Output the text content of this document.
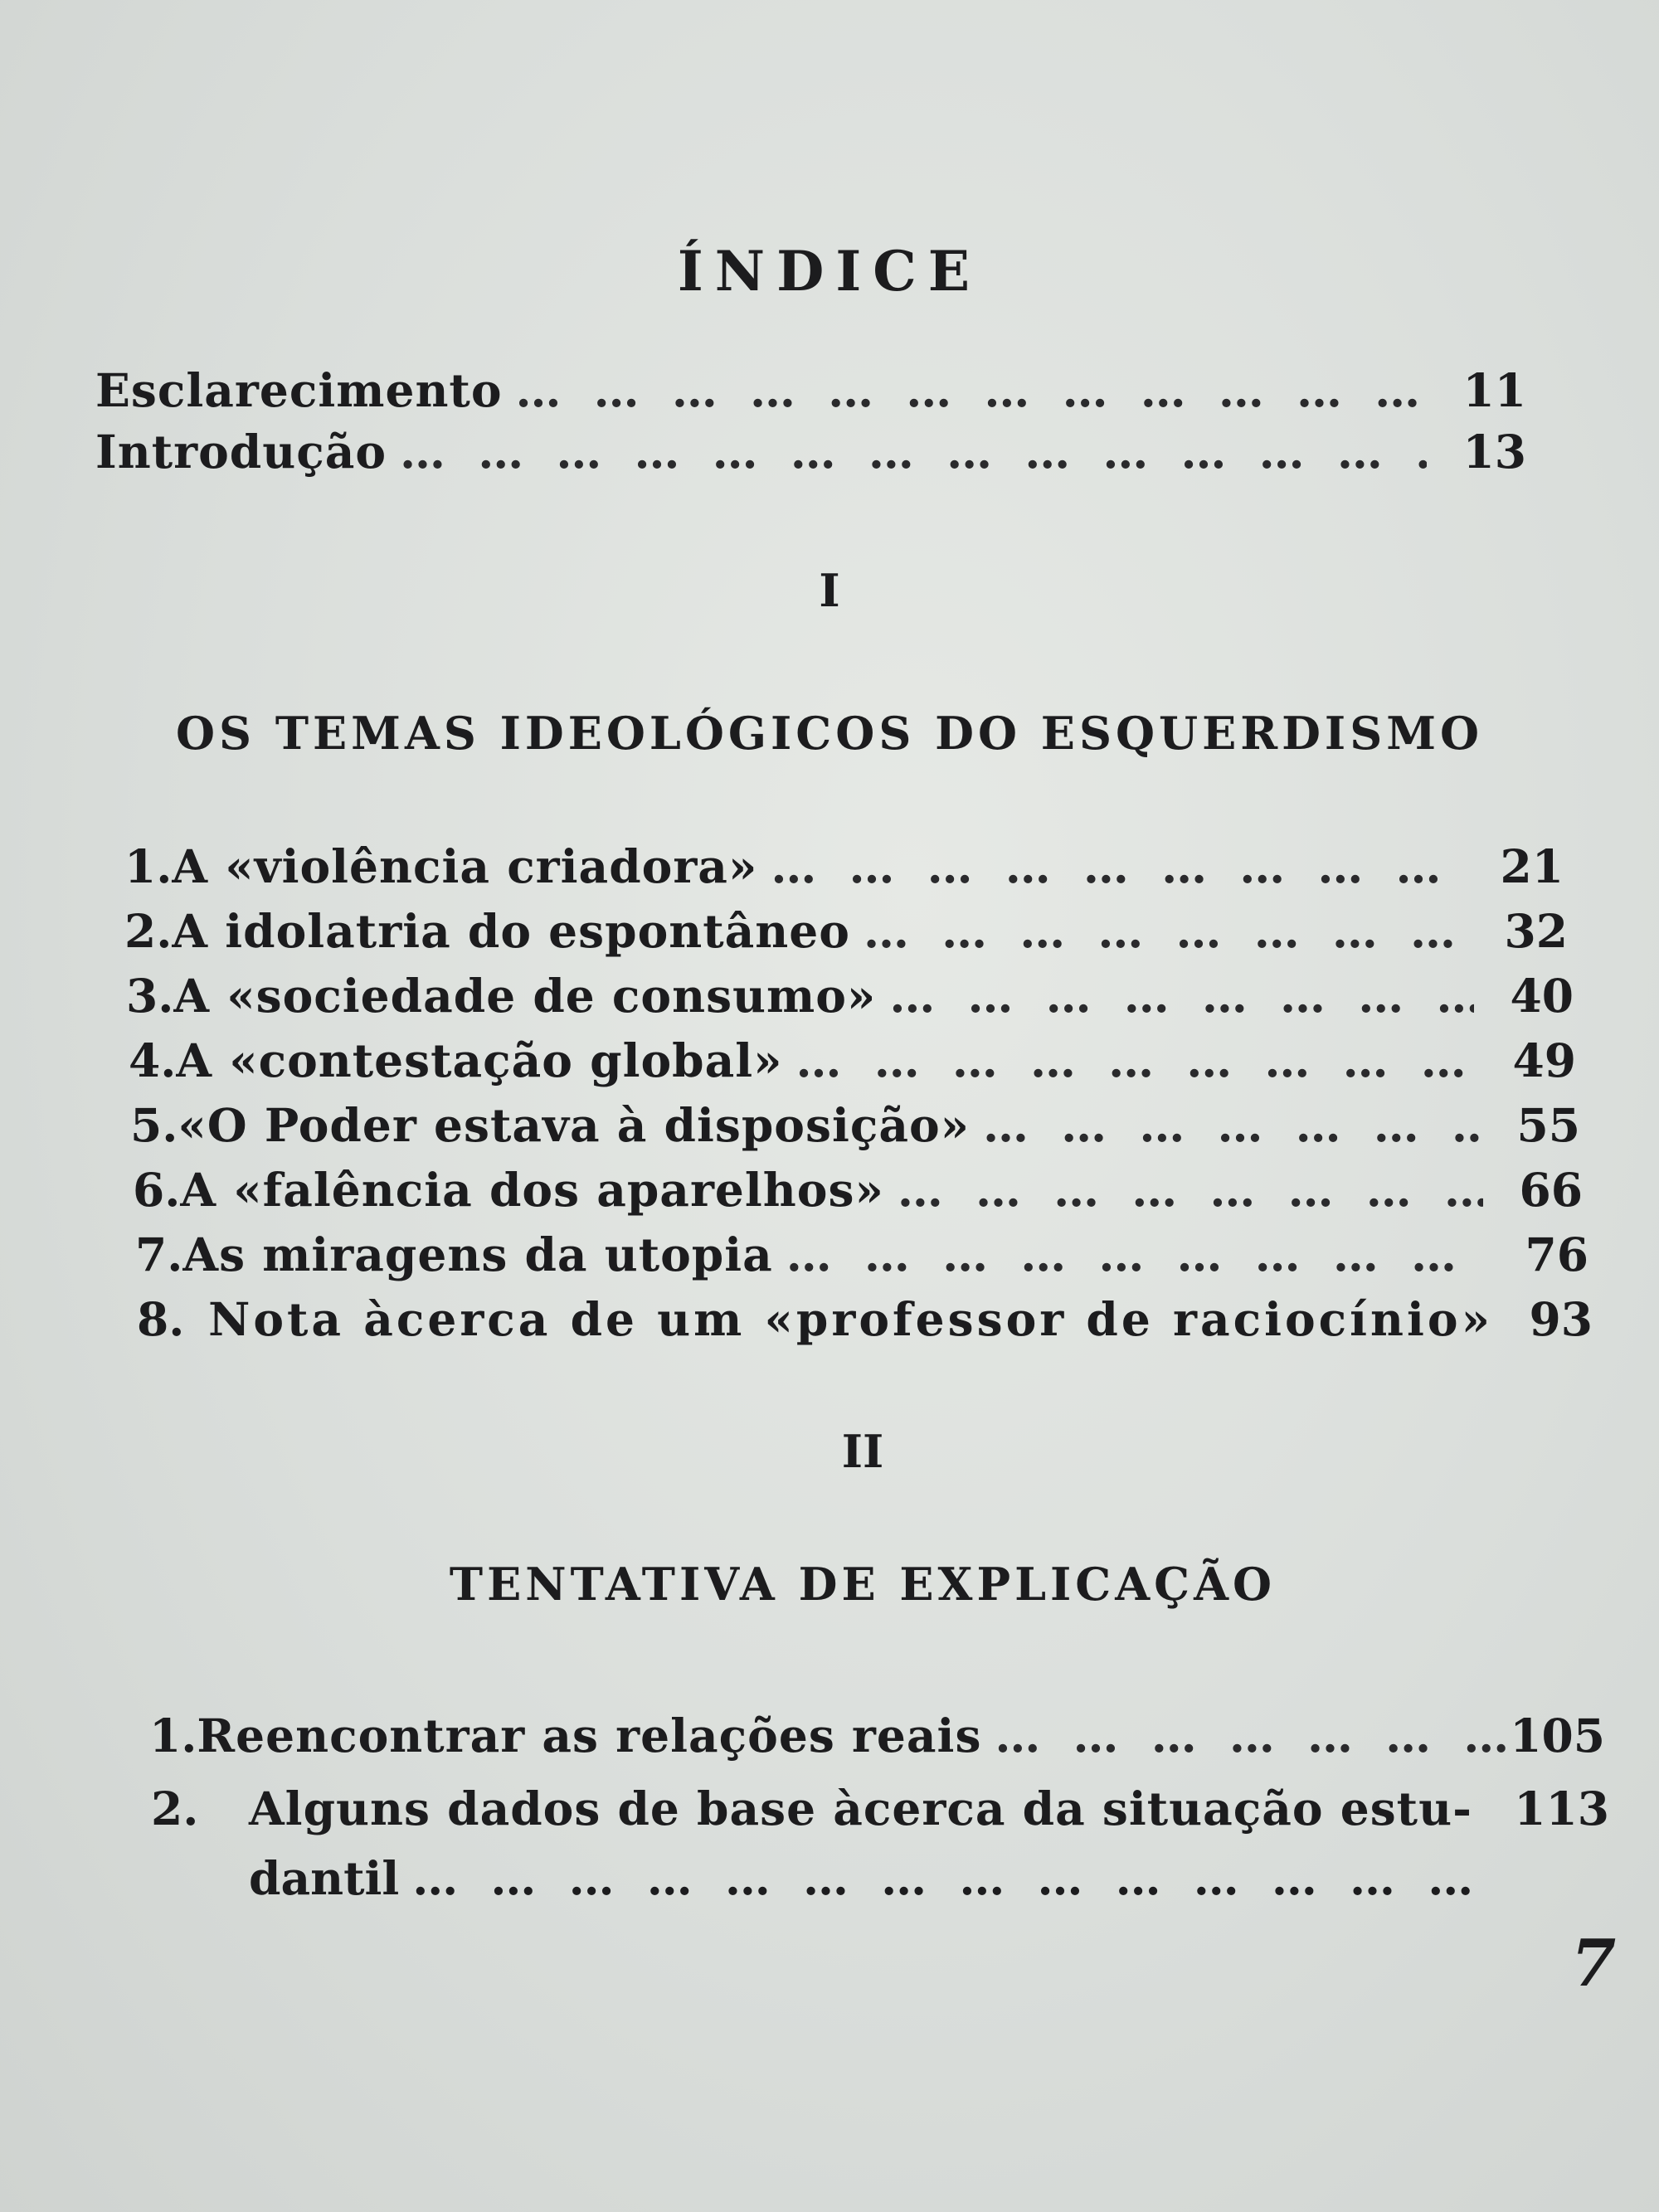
ÍNDICE
Esclarecimento … … … … … … … … … … … … … … … … … … … … … … … … … … … … … …	11
Introdução … … … … … … … … … … … … … … … … … … … … … … … … … … … … … …	13
I
OS TEMAS IDEOLÓGICOS DO ESQUERDISMO
1. A «violência criadora» … … … … … … … … … … … … … … … … … … … … … … … … … … … … … …	21
2. A idolatria do espontâneo … … … … … … … … … … … … … … … … … … … … … … … … … … … … … …	32
3. A «sociedade de consumo» … … … … … … … … … … … … … … … … … … … … … … … … … … … … … …	40
4. A «contestação global» … … … … … … … … … … … … … … … … … … … … … … … … … … … … … …	49
5. «O Poder estava à disposição» … … … … … … … … … … … … … … … … … … … … … … … … … … … … … …	55
6. A «falência dos aparelhos» … … … … … … … … … … … … … … … … … … … … … … … … … … … … … …	66
7. As miragens da utopia … … … … … … … … … … … … … … … … … … … … … … … … … … … … … …	76
8. Nota àcerca de um «professor de raciocínio» 93
II
TENTATIVA DE EXPLICAÇÃO
1. Reencontrar as relações reais … … … … … … … … … … … … … … … … … … … … … … … … … … … … … …	105
2.	Alguns dados de base àcerca da situação estu- 113
dantil
… … … … … … … … … … … … … … … …
7
